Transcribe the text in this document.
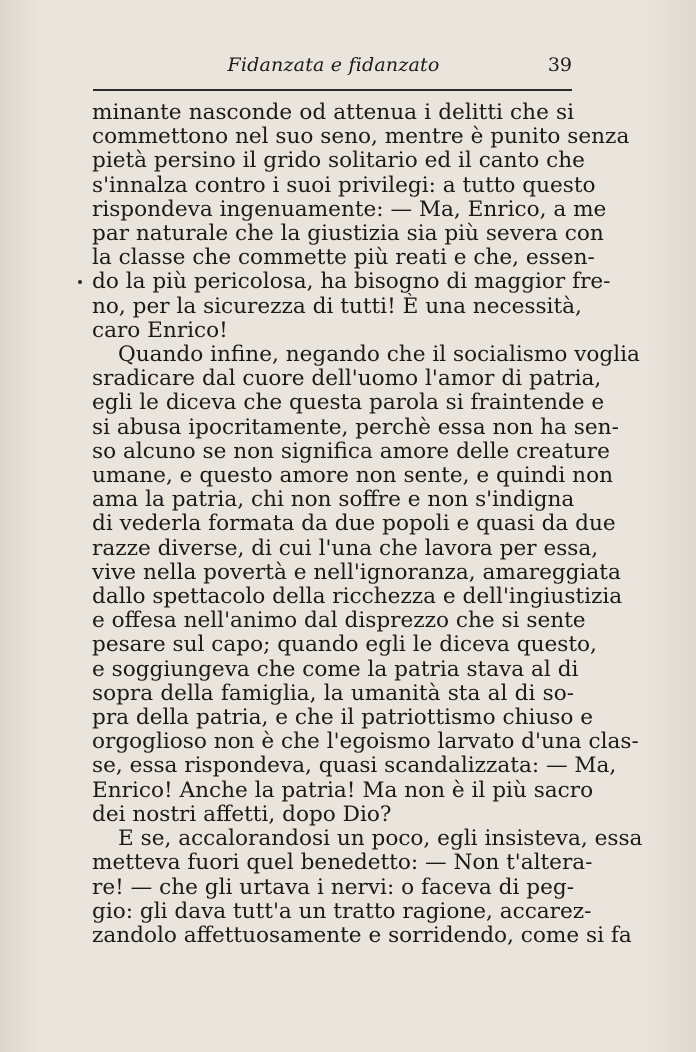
Fidanzata e fidanzato	39
minante nasconde od attenua i delitti che si
commettono nel suo seno, mentre è punito senza
pietà persino il grido solitario ed il canto che
s'innalza contro i suoi privilegi: a tutto questo
rispondeva ingenuamente: — Ma, Enrico, a me
par naturale che la giustizia sia più severa con
la classe che commette più reati e che, essen-
do la più pericolosa, ha bisogno di maggior fre-
no, per la sicurezza di tutti! È una necessità,
caro Enrico!
Quando infine, negando che il socialismo voglia
sradicare dal cuore dell'uomo l'amor di patria,
egli le diceva che questa parola si fraintende e
si abusa ipocritamente, perchè essa non ha sen-
so alcuno se non significa amore delle creature
umane, e questo amore non sente, e quindi non
ama la patria, chi non soffre e non s'indigna
di vederla formata da due popoli e quasi da due
razze diverse, di cui l'una che lavora per essa,
vive nella povertà e nell'ignoranza, amareggiata
dallo spettacolo della ricchezza e dell'ingiustizia
e offesa nell'animo dal disprezzo che si sente
pesare sul capo; quando egli le diceva questo,
e soggiungeva che come la patria stava al di
sopra della famiglia, la umanità sta al di so-
pra della patria, e che il patriottismo chiuso e
orgoglioso non è che l'egoismo larvato d'una clas-
se, essa rispondeva, quasi scandalizzata: — Ma,
Enrico! Anche la patria! Ma non è il più sacro
dei nostri affetti, dopo Dio?
E se, accalorandosi un poco, egli insisteva, essa
metteva fuori quel benedetto: — Non t'altera-
re! — che gli urtava i nervi: o faceva di peg-
gio: gli dava tutt'a un tratto ragione, accarez-
zandolo affettuosamente e sorridendo, come si fa
